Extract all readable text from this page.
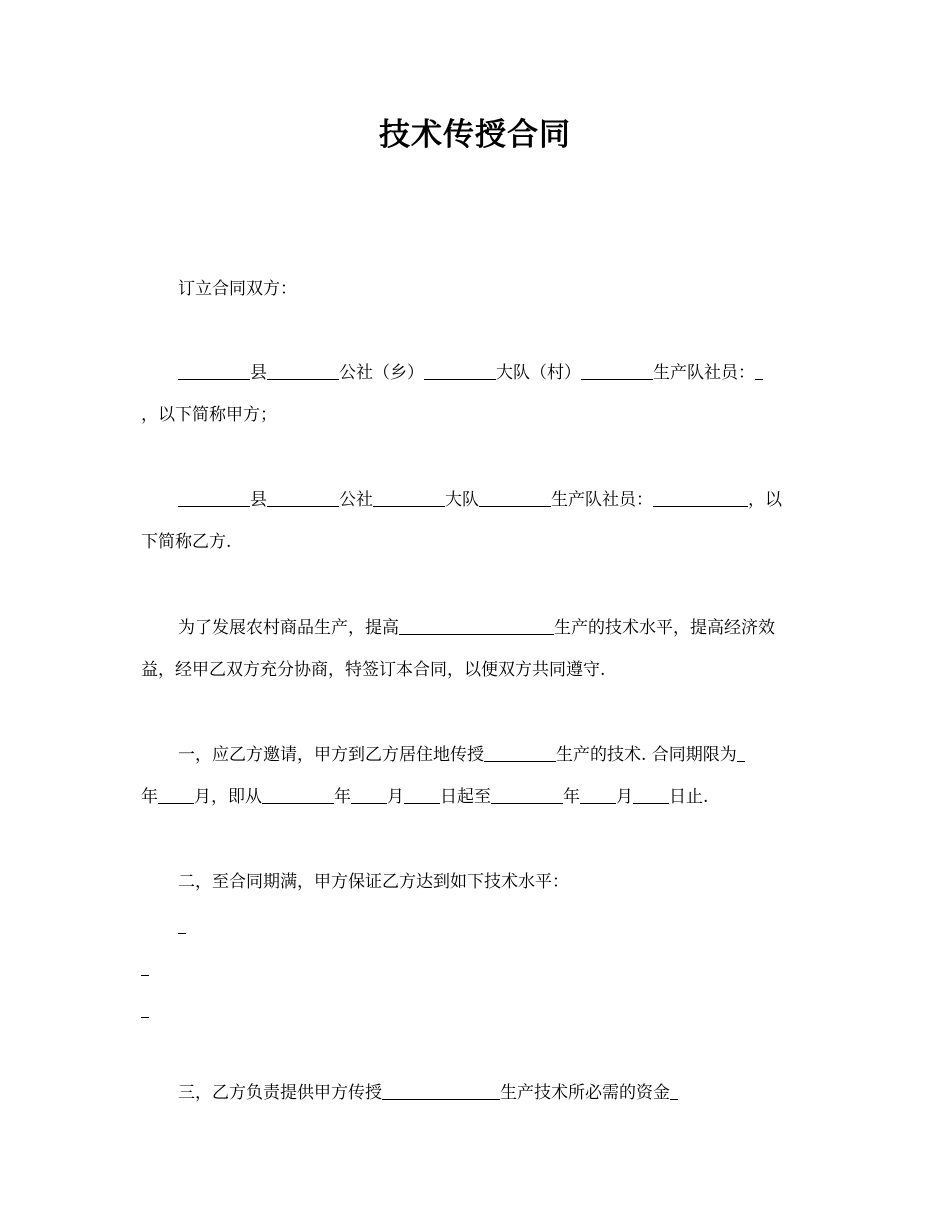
技术传授合同
订立合同双方：
县	公社（乡）	大队（村）	生产队社员：
，以下简称甲方；
县	公社	大队	生产队社员：	，以
下简称乙方.
为了发展农村商品生产，提高	生产的技术水平，提高经济效
益，经甲乙双方充分协商，特签订本合同，以便双方共同遵守.
一，应乙方邀请，甲方到乙方居住地传授	生产的技术. 合同期限为
年 月，即从	年 月 日起至	年 月 日止.
二，至合同期满，甲方保证乙方达到如下技术水平：
三，乙方负责提供甲方传授	生产技术所必需的资金
